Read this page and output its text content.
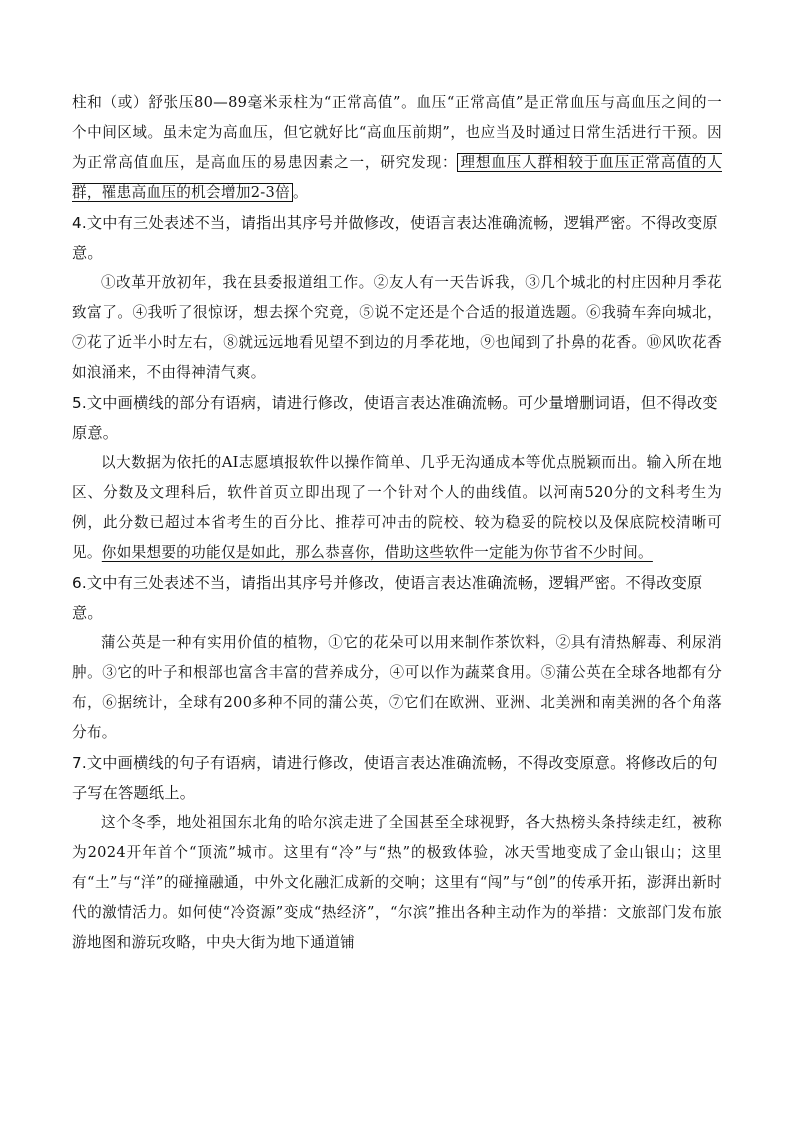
柱和（或）舒张压80—89毫米汞柱为“正常高值”。血压“正常高值”是正常血压与高血压之间的一个中间区域。虽未定为高血压，但它就好比“高血压前期”，也应当及时通过日常生活进行干预。因为正常高值血压，是高血压的易患因素之一，研究发现： 理想血压人群相较于血压正常高值的人群，罹患高血压的机会增加2-3倍 。

4.文中有三处表述不当，请指出其序号并做修改，使语言表达准确流畅，逻辑严密。不得改变原意。

①改革开放初年，我在县委报道组工作。②友人有一天告诉我，③几个城北的村庄因种月季花致富了。④我听了很惊讶，想去探个究竟，⑤说不定还是个合适的报道选题。⑥我骑车奔向城北，⑦花了近半小时左右，⑧就远远地看见望不到边的月季花地，⑨也闻到了扑鼻的花香。⑩风吹花香如浪涌来，不由得神清气爽。

5.文中画横线的部分有语病，请进行修改，使语言表达准确流畅。可少量增删词语，但不得改变原意。

以大数据为依托的AI志愿填报软件以操作简单、几乎无沟通成本等优点脱颖而出。输入所在地区、分数及文理科后，软件首页立即出现了一个针对个人的曲线值。以河南520分的文科考生为例，此分数已超过本省考生的百分比、推荐可冲击的院校、较为稳妥的院校以及保底院校清晰可见。你如果想要的功能仅是如此，那么恭喜你，借助这些软件一定能为你节省不少时间。

6.文中有三处表述不当，请指出其序号并修改，使语言表达准确流畅，逻辑严密。不得改变原意。

蒲公英是一种有实用价值的植物，①它的花朵可以用来制作茶饮料，②具有清热解毒、利尿消肿。③它的叶子和根部也富含丰富的营养成分，④可以作为蔬菜食用。⑤蒲公英在全球各地都有分布，⑥据统计，全球有200多种不同的蒲公英，⑦它们在欧洲、亚洲、北美洲和南美洲的各个角落分布。

7.文中画横线的句子有语病，请进行修改，使语言表达准确流畅，不得改变原意。将修改后的句子写在答题纸上。

这个冬季，地处祖国东北角的哈尔滨走进了全国甚至全球视野，各大热榜头条持续走红，被称为2024开年首个“顶流”城市。这里有“冷”与“热”的极致体验，冰天雪地变成了金山银山；这里有“土”与“洋”的碰撞融通，中外文化融汇成新的交响；这里有“闯”与“创”的传承开拓，澎湃出新时代的激情活力。如何使“冷资源”变成“热经济”，“尔滨”推出各种主动作为的举措：文旅部门发布旅游地图和游玩攻略，中央大街为地下通道铺
